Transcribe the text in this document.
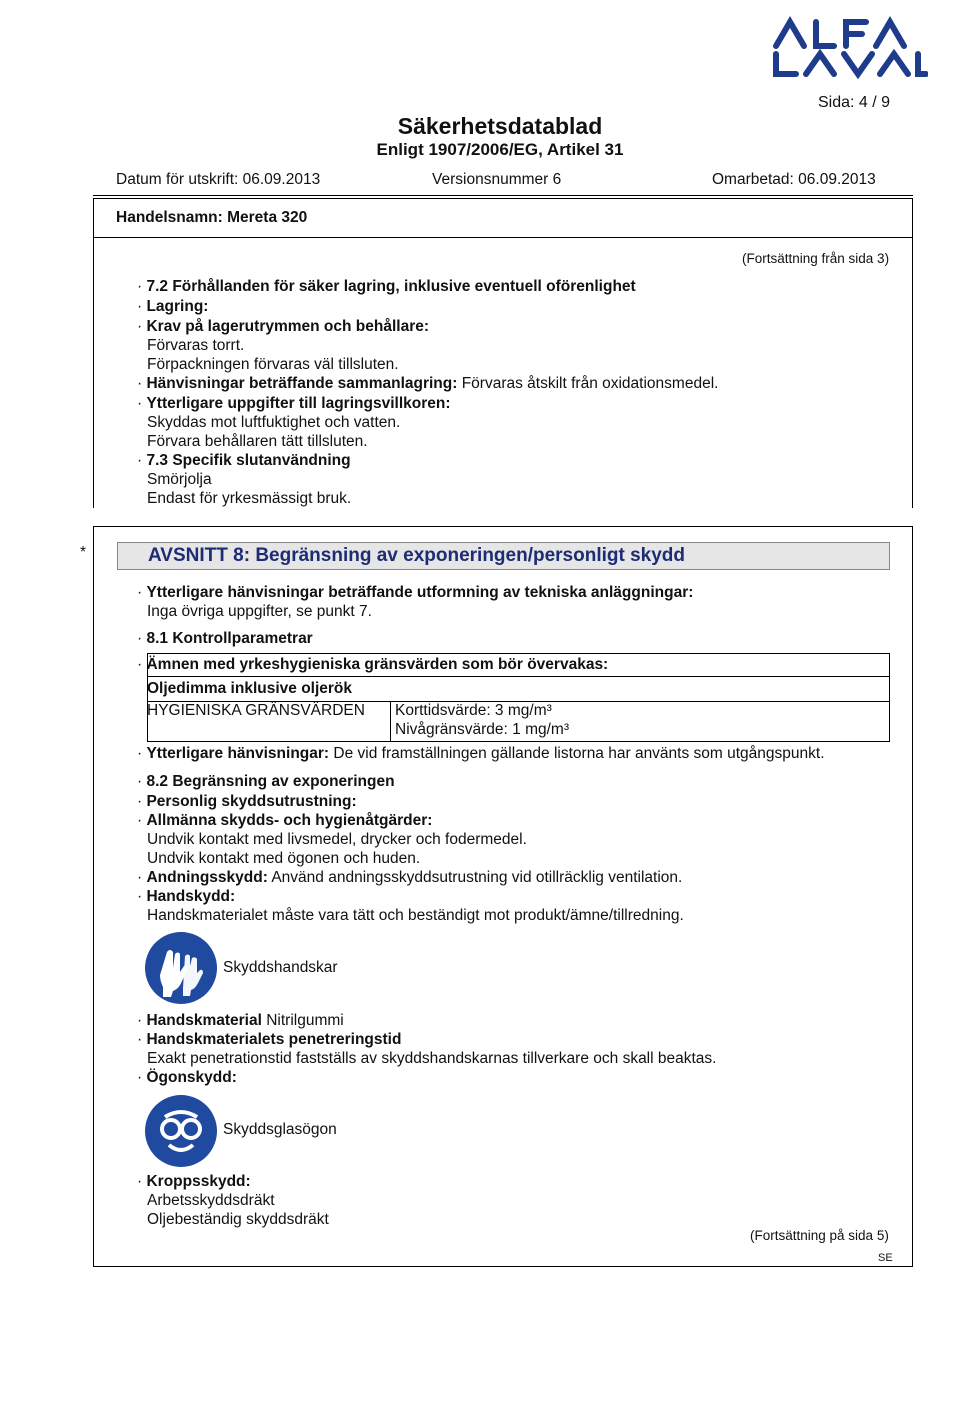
Sida: 4 / 9
Säkerhetsdatablad
Enligt 1907/2006/EG, Artikel 31
Datum för utskrift: 06.09.2013	Versionsnummer 6	Omarbetad: 06.09.2013
Handelsnamn: Mereta 320
(Fortsättning från sida 3)
· 7.2 Förhållanden för säker lagring, inklusive eventuell oförenlighet
· Lagring:
· Krav på lagerutrymmen och behållare:
Förvaras torrt.
Förpackningen förvaras väl tillsluten.
· Hänvisningar beträffande sammanlagring: Förvaras åtskilt från oxidationsmedel.
· Ytterligare uppgifter till lagringsvillkoren:
Skyddas mot luftfuktighet och vatten.
Förvara behållaren tätt tillsluten.
· 7.3 Specifik slutanvändning
Smörjolja
Endast för yrkesmässigt bruk.
*	AVSNITT 8: Begränsning av exponeringen/personligt skydd
· Ytterligare hänvisningar beträffande utformning av tekniska anläggningar:
Inga övriga uppgifter, se punkt 7.
· 8.1 Kontrollparametrar
· Ämnen med yrkeshygieniska gränsvärden som bör övervakas:
Oljedimma inklusive oljerök
HYGIENISKA GRÄNSVÄRDEN Korttidsvärde: 3 mg/m³
Nivågränsvärde: 1 mg/m³
· Ytterligare hänvisningar: De vid framställningen gällande listorna har använts som utgångspunkt.
· 8.2 Begränsning av exponeringen
· Personlig skyddsutrustning:
· Allmänna skydds- och hygienåtgärder:
Undvik kontakt med livsmedel, drycker och fodermedel.
Undvik kontakt med ögonen och huden.
· Andningsskydd: Använd andningsskyddsutrustning vid otillräcklig ventilation.
· Handskydd:
Handskmaterialet måste vara tätt och beständigt mot produkt/ämne/tillredning.
Skyddshandskar
· Handskmaterial Nitrilgummi
· Handskmaterialets penetreringstid
Exakt penetrationstid fastställs av skyddshandskarnas tillverkare och skall beaktas.
· Ögonskydd:
Skyddsglasögon
· Kroppsskydd:
Arbetsskyddsdräkt
Oljebeständig skyddsdräkt
(Fortsättning på sida 5)
SE
